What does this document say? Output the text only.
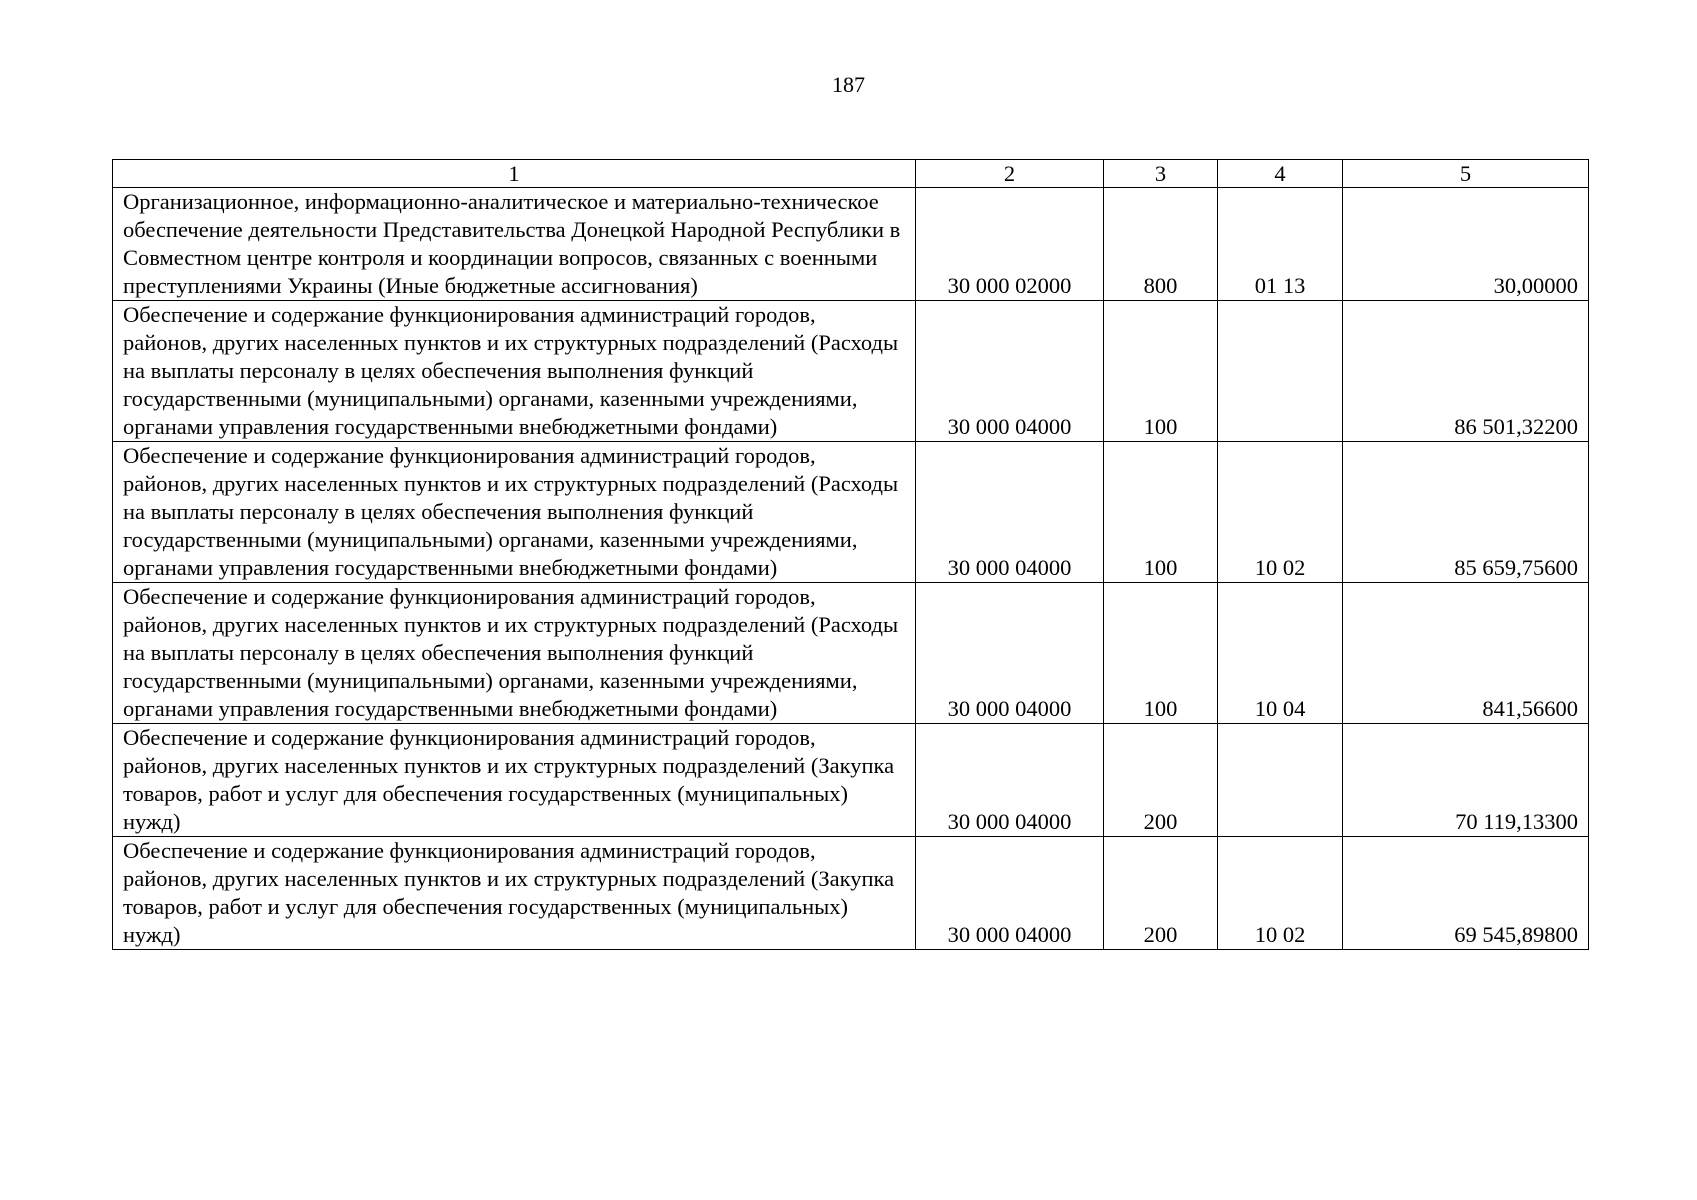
187
1	2	3	4	5
Организационное, информационно-аналитическое и материально-техническое обеспечение деятельности Представительства Донецкой Народной Республики в Совместном центре контроля и координации вопросов, связанных с военными преступлениями Украины (Иные бюджетные ассигнования)	30 000 02000	800	01 13	30,00000
Обеспечение и содержание функционирования администраций городов, районов, других населенных пунктов и их структурных подразделений (Расходы на выплаты персоналу в целях обеспечения выполнения функций государственными (муниципальными) органами, казенными учреждениями, органами управления государственными внебюджетными фондами)	30 000 04000	100		86 501,32200
Обеспечение и содержание функционирования администраций городов, районов, других населенных пунктов и их структурных подразделений (Расходы на выплаты персоналу в целях обеспечения выполнения функций государственными (муниципальными) органами, казенными учреждениями, органами управления государственными внебюджетными фондами)	30 000 04000	100	10 02	85 659,75600
Обеспечение и содержание функционирования администраций городов, районов, других населенных пунктов и их структурных подразделений (Расходы на выплаты персоналу в целях обеспечения выполнения функций государственными (муниципальными) органами, казенными учреждениями, органами управления государственными внебюджетными фондами)	30 000 04000	100	10 04	841,56600
Обеспечение и содержание функционирования администраций городов, районов, других населенных пунктов и их структурных подразделений (Закупка товаров, работ и услуг для обеспечения государственных (муниципальных) нужд)	30 000 04000	200		70 119,13300
Обеспечение и содержание функционирования администраций городов, районов, других населенных пунктов и их структурных подразделений (Закупка товаров, работ и услуг для обеспечения государственных (муниципальных) нужд)	30 000 04000	200	10 02	69 545,89800
